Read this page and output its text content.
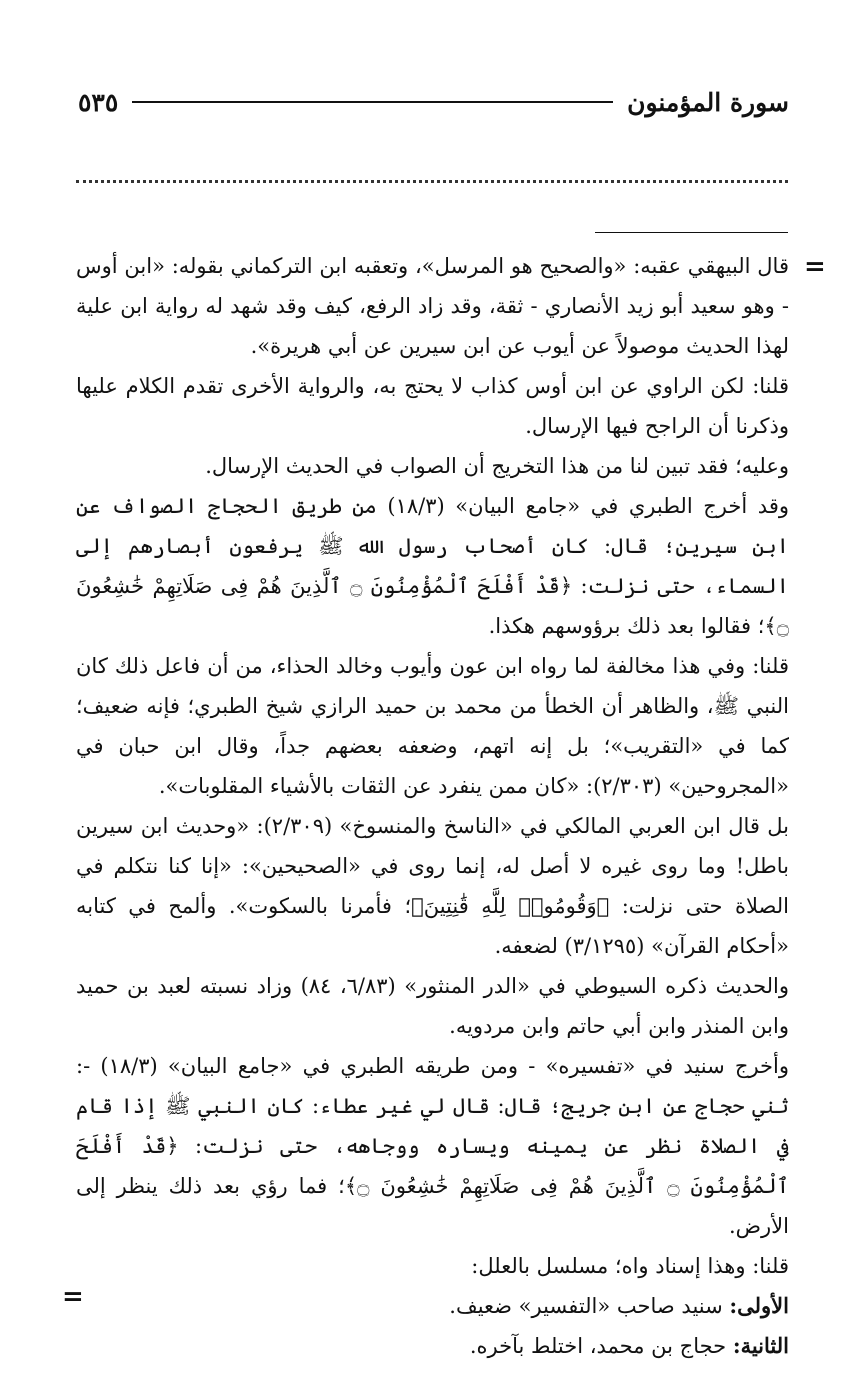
سورة المؤمنون
٥٣٥
=

قال البيهقي عقبه: «والصحيح هو المرسل»، وتعقبه ابن التركماني بقوله: «ابن أوس - وهو سعيد أبو زيد الأنصاري - ثقة، وقد زاد الرفع، كيف وقد شهد له رواية ابن علية لهذا الحديث موصولاً عن أيوب عن ابن سيرين عن أبي هريرة».

قلنا: لكن الراوي عن ابن أوس كذاب لا يحتج به، والرواية الأخرى تقدم الكلام عليها وذكرنا أن الراجح فيها الإرسال.

وعليه؛ فقد تبين لنا من هذا التخريج أن الصواب في الحديث الإرسال.

وقد أخرج الطبري في «جامع البيان» (١٨/٣) من طريق الحجاج الصواف عن ابن سيرين؛ قال: كان أصحاب رسول الله ﷺ يرفعون أبصارهم إلى السماء، حتى نزلت: ﴿قَدْ أَفْلَحَ ٱلْمُؤْمِنُونَ ۝ ٱلَّذِينَ هُمْ فِى صَلَاتِهِمْ خَٰشِعُونَ ۝﴾؛ فقالوا بعد ذلك برؤوسهم هكذا.

قلنا: وفي هذا مخالفة لما رواه ابن عون وأيوب وخالد الحذاء، من أن فاعل ذلك كان النبي ﷺ، والظاهر أن الخطأ من محمد بن حميد الرازي شيخ الطبري؛ فإنه ضعيف؛ كما في «التقريب»؛ بل إنه اتهم، وضعفه بعضهم جداً، وقال ابن حبان في «المجروحين» (٢/٣٠٣): «كان ممن ينفرد عن الثقات بالأشياء المقلوبات».

بل قال ابن العربي المالكي في «الناسخ والمنسوخ» (٢/٣٠٩): «وحديث ابن سيرين باطل! وما روى غيره لا أصل له، إنما روى في «الصحيحين»: «إنا كنا نتكلم في الصلاة حتى نزلت: ﴿وَقُومُوا۟ لِلَّهِ قَٰنِتِينَ﴾؛ فأمرنا بالسكوت». وألمح في كتابه «أحكام القرآن» (٣/١٢٩٥) لضعفه.

والحديث ذكره السيوطي في «الدر المنثور» (٦/٨٣، ٨٤) وزاد نسبته لعبد بن حميد وابن المنذر وابن أبي حاتم وابن مردويه.

وأخرج سنيد في «تفسيره» - ومن طريقه الطبري في «جامع البيان» (١٨/٣) -: ثني حجاج عن ابن جريج؛ قال: قال لي غير عطاء: كان النبي ﷺ إذا قام في الصلاة نظر عن يمينه ويساره ووجاهه، حتى نزلت: ﴿قَدْ أَفْلَحَ ٱلْمُؤْمِنُونَ ۝ ٱلَّذِينَ هُمْ فِى صَلَاتِهِمْ خَٰشِعُونَ ۝﴾؛ فما رؤي بعد ذلك ينظر إلى الأرض.

قلنا: وهذا إسناد واه؛ مسلسل بالعلل:

الأولى: سنيد صاحب «التفسير» ضعيف.

الثانية: حجاج بن محمد، اختلط بآخره.

=
